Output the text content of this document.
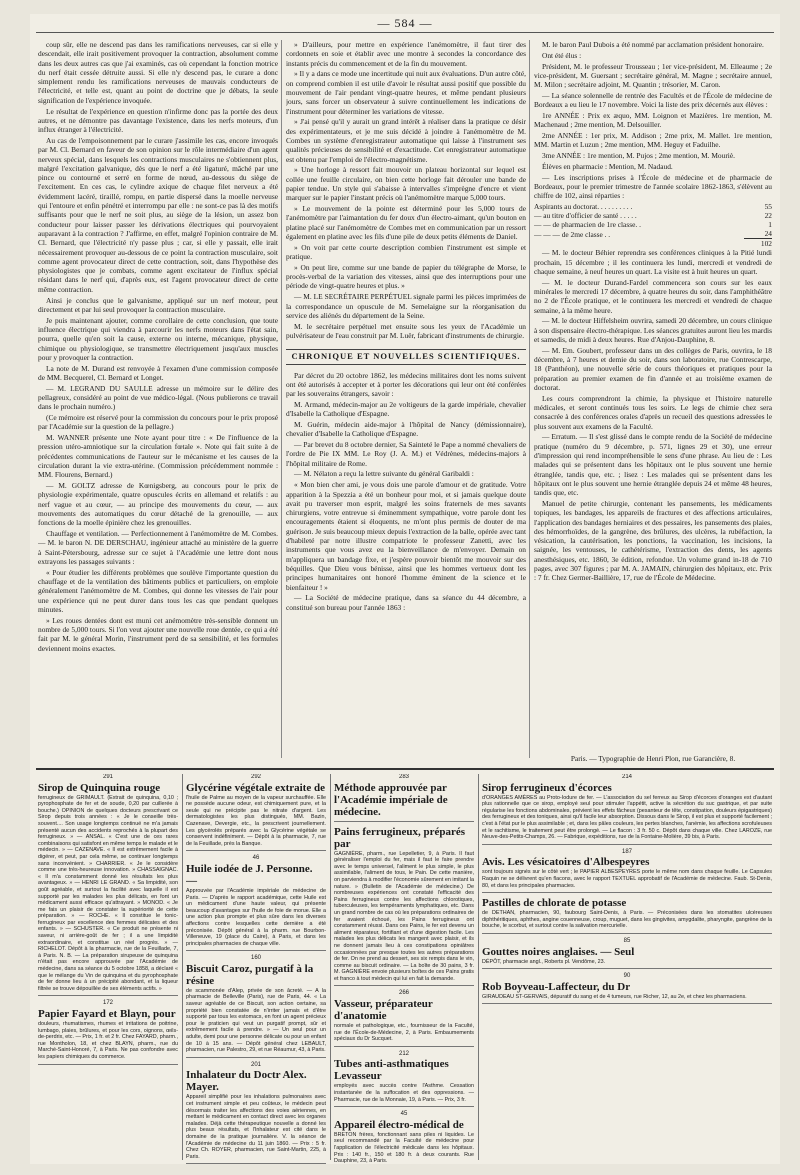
— 584 —

coup sûr, elle ne descend pas dans les ramifications nerveuses, car si elle y descendait, elle irait positivement provoquer la contraction, absolument comme dans les deux autres cas que j'ai examinés, cas où cependant la fonction motrice du nerf était cessée détruite aussi. Si elle n'y descend pas, le curare a donc simplement rendu les ramifications nerveuses de mauvais conducteurs de l'électricité, et telle est, quant au point de doctrine que je débats, la seule signification de l'expérience invoquée.

Le résultat de l'expérience en question n'infirme donc pas la portée des deux autres, et ne démontre pas davantage l'existence, dans les nerfs moteurs, d'un influx étranger à l'électricité.

Au cas de l'empoisonnement par le curare j'assimile les cas, encore invoqués par M. Cl. Bernard en faveur de son opinion sur le rôle intermédiaire d'un agent nerveux spécial, dans lesquels les contractions musculaires ne s'obtiennent plus, malgré l'excitation galvanique, dès que le nerf a été ligaturé, mâché par une pince ou contourné et serré en forme de nœud, au-dessous du siège de l'excitement. En ces cas, le cylindre axique de chaque filet nerveux a été évidemment lacéré, tiraillé, rompu, en partie dispersé dans la moelle nerveuse qui l'entoure et enfin pénétré et interrompu par elle : ne sont-ce pas là des motifs suffisants pour que le nerf ne soit plus, au siège de la lésion, un assez bon conducteur pour laisser passer les dérivations électriques qui pourvoyaient auparavant à la contraction ? J'affirme, en effet, malgré l'opinion contraire de M. Cl. Bernard, que l'électricité n'y passe plus ; car, si elle y passait, elle irait nécessairement provoquer au-dessous de ce point la contraction musculaire, soit comme agent provocateur direct de cette contraction, soit, dans l'hypothèse des physiologistes que je combats, comme agent excitateur de l'influx spécial résidant dans le nerf qui, d'après eux, est l'agent provocateur direct de cette même contraction.

Ainsi je conclus que le galvanisme, appliqué sur un nerf moteur, peut directement et par lui seul provoquer la contraction musculaire.

Je puis maintenant ajouter, comme corollaire de cette conclusion, que toute influence électrique qui viendra à parcourir les nerfs moteurs dans l'état sain, pourra, quelle qu'en soit la cause, externe ou interne, mécanique, physique, chimique ou physiologique, se transmettre électriquement jusqu'aux muscles pour y provoquer la contraction.

La note de M. Durand est renvoyée à l'examen d'une commission composée de MM. Becquerel, Cl. Bernard et Longet.

— M. LEGRAND DU SAULLE adresse un mémoire sur le délire des pellagreux, considéré au point de vue médico-légal. (Nous publierons ce travail dans le prochain numéro.)

(Ce mémoire est réservé pour la commission du concours pour le prix proposé par l'Académie sur la question de la pellagre.)

M. WANNER présente une Note ayant pour titre : « De l'influence de la pression utéro-amniotique sur la circulation fœtale ». Note qui fait suite à de précédentes communications de l'auteur sur le mécanisme et les causes de la circulation durant la vie extra-utérine. (Commission précédemment nommée : MM. Flourens, Bernard.)

— M. GOLTZ adresse de Kœnigsberg, au concours pour le prix de physiologie expérimentale, quatre opuscules écrits en allemand et relatifs : au nerf vague et au cœur, — au principe des mouvements du cœur, — aux mouvements des automatiques du cœur détaché de la grenouille, — aux fonctions de la moelle épinière chez les grenouilles.

Chauffage et ventilation. — Perfectionnement à l'anémomètre de M. Combes. — M. le baron N. DE DERSCHAU, ingénieur attaché au ministère de la guerre à Saint-Pétersbourg, adresse sur ce sujet à l'Académie une lettre dont nous extrayons les passages suivants :

« Pour étudier les différents problèmes que soulève l'importante question du chauffage et de la ventilation des bâtiments publics et particuliers, on emploie généralement l'anémomètre de M. Combes, qui donne les vitesses de l'air pour une expérience qui ne peut durer dans tous les cas que pendant quelques minutes.

» Les roues dentées dont est muni cet anémomètre très-sensible donnent un nombre de 5,000 tours. Si l'on veut ajouter une nouvelle roue dentée, ce qui a été fait par M. le général Morin, l'instrument perd de sa sensibilité, et les formules deviennent moins exactes.

» D'ailleurs, pour mettre en expérience l'anémomètre, il faut tirer des cordonnets en soie et établir avec une montre à secondes la concordance des instants précis du commencement et de la fin du mouvement.

» Il y a dans ce mode une incertitude qui nuit aux évaluations. D'un autre côté, on comprend combien il est utile d'avoir le résultat aussi positif que possible du mouvement de l'air pendant vingt-quatre heures, et même pendant plusieurs jours, sans forcer un observateur à suivre continuellement les indications de l'instrument pour déterminer les variations de vitesse.

» J'ai pensé qu'il y aurait un grand intérêt à réaliser dans la pratique ce désir des expérimentateurs, et je me suis décidé à joindre à l'anémomètre de M. Combes un système d'enregistrateur automatique qui laisse à l'instrument ses qualités précieuses de sensibilité et d'exactitude. Cet enregistrateur automatique est obtenu par l'emploi de l'électro-magnétisme.

» Une horloge à ressort fait mouvoir un plateau horizontal sur lequel est collée une feuille circulaire, on bien cette horloge fait dérouler une bande de papier tendue. Un style qui s'abaisse à intervalles s'imprègne d'encre et vient marquer sur le papier l'instant précis où l'anémomètre marque 5,000 tours.

» Le mouvement de la pointe est déterminé pour les 5,000 tours de l'anémomètre par l'aimantation du fer doux d'un électro-aimant, qu'un bouton en platine placé sur l'anémomètre de Combes met en communication par un ressort également en platine avec les fils d'une pile de deux petits éléments de Daniel.

» On voit par cette courte description combien l'instrument est simple et pratique.

» On peut lire, comme sur une bande de papier du télégraphe de Morse, le procès-verbal de la variation des vitesses, ainsi que des interruptions pour une période de vingt-quatre heures et plus. »

— M. LE SECRÉTAIRE PERPÉTUEL signale parmi les pièces imprimées de la correspondance un opuscule de M. Semelaigne sur la réorganisation du service des aliénés du département de la Seine.

M. le secrétaire perpétuel met ensuite sous les yeux de l'Académie un pulvérisateur de l'eau construit par M. Luër, fabricant d'instruments de chirurgie.

CHRONIQUE ET NOUVELLES SCIENTIFIQUES.

Par décret du 20 octobre 1862, les médecins militaires dont les noms suivent ont été autorisés à accepter et à porter les décorations qui leur ont été conférées par les souverains étrangers, savoir :

M. Armand, médecin-major au 2e voltigeurs de la garde impériale, chevalier d'Isabelle la Catholique d'Espagne.

M. Guérin, médecin aide-major à l'hôpital de Nancy (démissionnaire), chevalier d'Isabelle la Catholique d'Espagne.

— Par brevet du 8 octobre dernier, Sa Sainteté le Pape a nommé chevaliers de l'ordre de Pie IX MM. Le Roy (J. A. M.) et Védrènes, médecins-majors à l'hôpital militaire de Rome.

— M. Nélaton a reçu la lettre suivante du général Garibaldi :

« Mon bien cher ami, je vous dois une parole d'amour et de gratitude. Votre apparition à la Spezzia a été un bonheur pour moi, et si jamais quelque doute avait pu traverser mon esprit, malgré les soins fraternels de mes savants chirurgiens, votre entrevue si éminemment sympathique, votre parole dont les encouragements étaient si éloquents, ne m'ont plus permis de douter de ma guérison. Je suis beaucoup mieux depuis l'extraction de la balle, opérée avec tant d'habileté par notre illustre compatriote le professeur Zanetti, avec les instruments que vous avez eu la bienveillance de m'envoyer. Demain on m'appliquera un bandage fixe, et j'espère pouvoir bientôt me mouvoir sur des béquilles. Que Dieu vous bénisse, ainsi que les hommes vertueux dont les principes humanitaires ont honoré l'homme éminent de la science et le bienfaiteur ! »

— La Société de médecine pratique, dans sa séance du 44 décembre, a constitué son bureau pour l'année 1863 :

M. le baron Paul Dubois a été nommé par acclamation président honoraire.

Ont été élus :

Président, M. le professeur Trousseau ; 1er vice-président, M. Elleaume ; 2e vice-président, M. Guersant ; secrétaire général, M. Magne ; secrétaire annuel, M. Milon ; secrétaire adjoint, M. Quantin ; trésorier, M. Caron.

— La séance solennelle de rentrée des Facultés et de l'École de médecine de Bordeaux a eu lieu le 17 novembre. Voici la liste des prix décernés aux élèves :

1re ANNÉE : Prix ex æquo, MM. Loignon et Mazières. 1re mention, M. Machenaud ; 2me mention, M. Delsouiller.

2me ANNÉE : 1er prix, M. Addison ; 2me prix, M. Mallet. 1re mention, MM. Martin et Luzun ; 2me mention, MM. Heguy et Faduilhe.

3me ANNÉE : 1re mention, M. Pujos ; 2me mention, M. Mouriè.

Élèves en pharmacie : Mention, M. Nadaud.

— Les inscriptions prises à l'École de médecine et de pharmacie de Bordeaux, pour le premier trimestre de l'année scolaire 1862-1863, s'élèvent au chiffre de 102, ainsi réparties :

Aspirants au doctorat. . . . . . . . . .	55
— au titre d'officier de santé . . . . .	22
— — de pharmacien de 1re classe. .	1
— — — de 2me classe . .	24
	102

— M. le docteur Béhier reprendra ses conférences cliniques à la Pitié lundi prochain, 15 décembre ; il les continuera les lundi, mercredi et vendredi de chaque semaine, à neuf heures un quart. La visite est à huit heures un quart.

— M. le docteur Durand-Fardel commencera son cours sur les eaux minérales le mercredi 17 décembre, à quatre heures du soir, dans l'amphithéâtre no 2 de l'École pratique, et le continuera les mercredi et vendredi de chaque semaine, à la même heure.

— M. le docteur Hiffelsheim ouvrira, samedi 20 décembre, un cours clinique à son dispensaire électro-thérapique. Les séances gratuites auront lieu les mardis et samedis, de midi à deux heures. Rue d'Anjou-Dauphine, 8.

— M. Em. Goubert, professeur dans un des collèges de Paris, ouvrira, le 18 décembre, à 7 heures et demie du soir, dans son laboratoire, rue Contrescarpe, 18 (Panthéon), une nouvelle série de cours théoriques et pratiques pour la préparation au premier examen de fin d'année et au troisième examen de doctorat.

Les cours comprendront la chimie, la physique et l'histoire naturelle médicales, et seront continués tous les soirs. Le legs de chimie chez sera consacrée à des conférences orales d'après un recueil des questions adressées le plus souvent aux examens de la Faculté.

— Erratum. — Il s'est glissé dans le compte rendu de la Société de médecine pratique (numéro du 9 décembre, p. 571, lignes 29 et 30), une erreur d'impression qui rend incompréhensible le sens d'une phrase. Au lieu de : Les malades qui se présentent dans les hôpitaux ont le plus souvent une hernie étranglée, tandis que, etc. ; lisez : Les malades qui se présentent dans les hôpitaux ont le plus souvent une hernie étranglée depuis 24 et même 48 heures, tandis que, etc.

Manuel de petite chirurgie, contenant les pansements, les médicaments topiques, les bandages, les appareils de fractures et des affections articulaires, l'application des bandages herniaires et des pessaires, les pansements des plaies, des hémorrhoïdes, de la gangrène, des brûlures, des ulcères, la rubéfaction, la vésication, la cautérisation, les ponctions, la vaccination, les incisions, la saignée, les ventouses, le cathétérisme, l'extraction des dents, les agents anesthésiques, etc. 1860, 3e édition, refondue. Un volume grand in-18 de 710 pages, avec 307 figures ; par M. A. JAMAIN, chirurgien des hôpitaux, etc. Prix : 7 fr. Chez Germer-Baillière, 17, rue de l'École de Médecine.

Paris. — Typographie de Henri Plon, rue Garancière, 8.
291
Sirop de Quinquina rouge
ferrugineux de GRIMAULT. (Extrait de quinquina, 0,10 ; pyrophosphate de fer et de soude, 0,20 par cuillerée à bouche.) OPINION de quelques docteurs prescrivant ce Sirop depuis trois années : « Je le conseille très-souvent.... Son usage longtemps continué ne m'a jamais présenté aucun des accidents reprochés à la plupart des ferrugineux. » — ANSAL. « C'est une de ces rares combinaisons qui satisfont en même temps le malade et le médecin. » — CAZENAVE. « Il est extrêmement facile à digérer, et peut, par cela même, se continuer longtemps sans inconvénient. » CHARRIER. « Je le considère comme une très-heureuse innovation. » CHASSAIGNAC. « Il m'a constamment donné les résultats les plus avantageux. » — HENRI LE GRAND. « Sa limpidité, son goût agréable, et surtout la facilité avec laquelle il est supporté par les malades les plus délicats, en font un médicament aussi efficace qu'attrayant. » MONOD. « Je me fais un plaisir de constater la supériorité de cette préparation. » — ROCHE. « Il constitue le tonic-ferrugineux par excellence des femmes délicates et des enfants. » — SCHUSTER. « Ce produit ne présente ni saveur, ni arrière-goût de fer ; il a une limpidité extraordinaire, et constitue un réel progrès. » — RICHELOT. Dépôt à la pharmacie, rue de la Feuillade, 7, à Paris. N. B. — La préparation sirupeuse de quinquina n'était pas encore approuvée par l'Académie de médecine, dans sa séance du 5 octobre 1858, a déclaré « que le mélange du Vin de quinquina et du pyrophosphate de fer donne lieu à un précipité abondant, et la liqueur filtrée se trouve dépouillée de ses éléments actifs. »
172
Papier Fayard et Blayn, pour
douleurs, rhumatismes, rhumes et irritations de poitrine, lumbago, plaies, brûlures, et pour les cors, oignons, œils-de-perdrix, etc. — Prix, 1 fr. et 2 fr. Chez FAYARD, pharm., rue Montholon, 18, et chez BLAYN, pharm., rue du Marché-Saint-Honoré, 7, à Paris. Ne pas confondre avec les papiers chimiques du commerce.
292
Glycérine végétale extraite de
l'huile de Palme au moyen de la vapeur surchauffée. Elle ne possède aucune odeur, est chimiquement pure, et la seule qui ne précipite pas le nitrate d'argent. Les dermatologistes les plus distingués, MM. Bazin, Cazenave, Devergie, etc., la prescrivent journellement. Les glycérolés préparés avec la Glycérine végétale se conservent indéfiniment. — Dépôt à la pharmacie, 7, rue de la Feuillade, près la Banque.
46
Huile iodée de J. Personne. —
Approuvée par l'Académie impériale de médecine de Paris. — D'après le rapport académique, cette Huile est un médicament d'une haute valeur, qui présente beaucoup d'avantages sur l'huile de foie de morue. Elle a une action plus prompte et plus sûre dans les diverses affections contre lesquelles cette dernière a été préconisée. Dépôt général à la pharm. rue Bourbon-Villeneuve, 19 (place du Caire), à Paris, et dans les principales pharmacies de chaque ville.
160
Biscuit Caroz, purgatif à la résine
de scammonée d'Alep, privée de son âcreté. — A la pharmacie de Belleville (Paris), rue de Paris, 44. « La saveur agréable de ce Biscuit, son action certaine, sa propriété bien constatée de n'irriter jamais et d'être supporté par tous les estomacs, en font un agent précieux pour le praticien qui veut un purgatif prompt, sûr et extrêmement facile à prendre. » — Un seul pour un adulte, demi pour une personne délicate ou pour un enfant de 10 à 15 ans. — Dépôt général chez LEBAULT, pharmacien, rue Palestro, 29, et rue Réaumur, 43, à Paris.
201
Inhalateur du Doctr Alex. Mayer.
Appareil simplifié pour les inhalations pulmonaires avec cet instrument simple et peu coûteux, le médecin peut désormais traiter les affections des voies aériennes, en mettant le médicament en contact direct avec les organes malades. Déjà cette thérapeutique nouvelle a donné les plus beaux résultats, et l'Inhalateur est cité dans le domaine de la pratique journalière. V. la séance de l'Académie de médecine du 11 juin 1860. — Prix : 5 fr. Chez Ch. ROYER, pharmacien, rue Saint-Martin, 225, à Paris.
283
Méthode approuvée par l'Académie impériale de médecine.
Pains ferrugineux, préparés par
GAGNIÈRE, pharm., rue Lepelletier, 9, à Paris. Il faut généraliser l'emploi du fer, mais il faut le faire prendre avec le temps universel, l'aliment le plus simple, le plus assimilable, l'aliment de tous, le Pain. De cette manière, on parviendra à modifier l'économie sûrement en imitant la nature. » (Bulletin de l'Académie de médecine.) De nombreuses expériences ont constaté l'efficacité des Pains ferrugineux contre les affections chlorotiques, tuberculeuses, les tempéraments lymphatiques, etc. Dans un grand nombre de cas où les préparations ordinaires de fer avaient échoué, les Pains ferrugineux ont constamment réussi. Dans ces Pains, le fer est devenu un aliment réparateur, fortifiant et d'une digestion facile. Les malades les plus délicats les mangent avec plaisir, et ils ne donnent jamais lieu à ces constipations opiniâtres occasionnées par presque toutes les autres préparations de fer. On ne prend au dessert, ses six rempis dans le vin, comme au biscuit ordinaire. — La boîte de 30 pains, 3 fr. M. GAGNIÈRE envoie plusieurs boîtes de ces Pains gratis et franco à tout médecin qui lui en fait la demande.
266
Vasseur, préparateur d'anatomie
normale et pathologique, etc., fournisseur de la Faculté, rue de l'École-de-Médecine, 2, à Paris. Embaumements spéciaux du Dr Sucquet.
212
Tubes anti-asthmatiques Levasseur
employés avec succès contre l'Asthme. Cessation instantanée de la suffocation et des oppressions. — Pharmacie, rue de la Monnaie, 19, à Paris. — Prix, 3 fr.
45
Appareil électro-médical de
BRETON frères, fonctionnant sans piles ni liquides. Le seul recommandé par la Faculté de médecine pour l'application de l'électricité médicale dans les hôpitaux. Prix : 140 fr., 150 et 180 fr. à deux courants. Rue Dauphine, 23, à Paris.
214
Sirop ferrugineux d'écorces
d'ORANGES AMÈRES au Proto-Iodure de fer. — L'association du sel ferreux au Sirop d'écorces d'oranges est d'autant plus rationnelle que ce sirop, employé seul pour stimuler l'appétit, active la sécrétion du suc gastrique, et par suite régularise les fonctions abdominales, prévient les effets fâcheux (pesanteur de tête, constipation, douleurs épigastriques) des ferrugineux et des toniques, ainsi qu'il facile leur absorption. Dissous dans le Sirop, il est plus et supporté facilement ; c'est à l'état pur le plus assimilable ; et, dans les pâles couleurs, les pertes blanches, l'anémie, les affections scrofuleuses et le rachitisme, le traitement peut être prolongé. — Le flacon : 3 fr. 50 c. Dépôt dans chaque ville. Chez LAROZE, rue Neuve-des-Petits-Champs, 26. — Fabrique, expéditions, rue de la Fontaine-Molière, 39 bis, à Paris.
187
Avis. Les vésicatoires d'Albespeyres
sont toujours signés sur le côté vert ; le PAPIER ALBESPEYRES porte le même nom dans chaque feuille. Le Capsules Raquin ne se délivrent qu'en flacons, avec le rapport TEXTUEL approbatif de l'Académie de médecine. Faub. St-Denis, 80, et dans les principales pharmacies.
Pastilles de chlorate de potasse
de DETHAN, pharmacien, 90, faubourg Saint-Denis, à Paris. — Préconisées dans les stomatites ulcéreuses diphthéritiques, aphthes, angine couenneuse, croup, muguet, dans les gingivites, amygdalite, pharyngite, gangrène de la bouche, le scorbut, et surtout contre la salivation mercurielle.
85
Gouttes noires anglaises. — Seul
DÉPÔT, pharmacie angl., Roberts pl. Vendôme, 23.
90
Rob Boyveau-Laffecteur, du Dr
GIRAUDEAU ST-GERVAIS, dépuratif du sang et de 4 tumeurs, rue Richer, 12, au 2e, et chez les pharmaciens.
